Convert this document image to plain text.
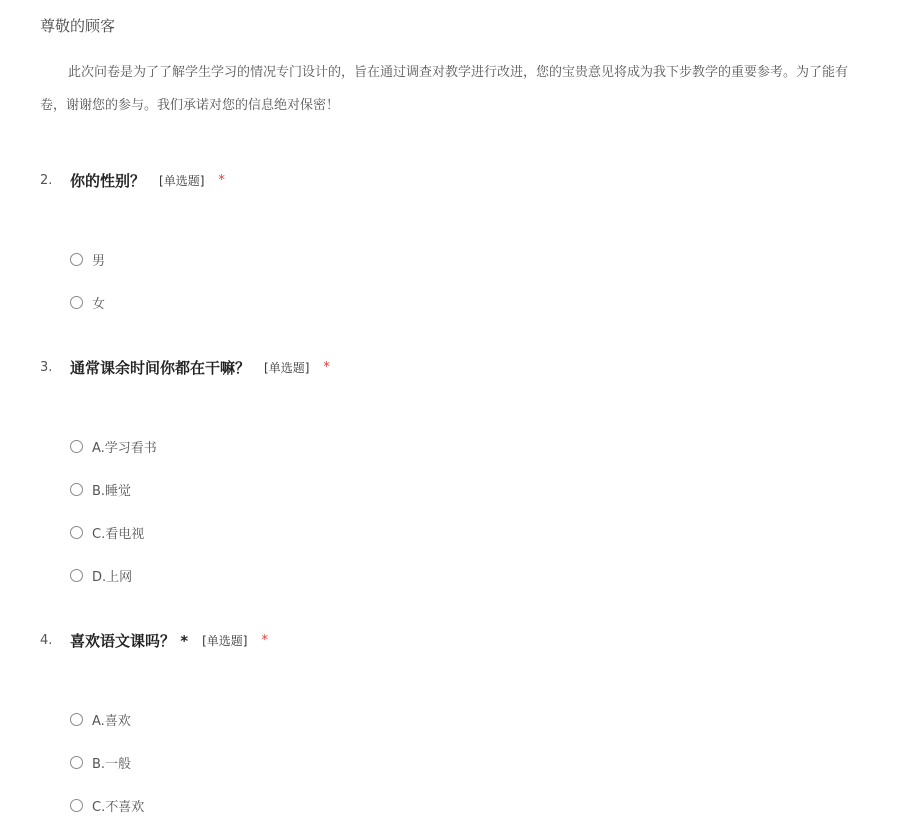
尊敬的顾客
此次问卷是为了了解学生学习的情况专门设计的，旨在通过调查对教学进行改进，您的宝贵意见将成为我下步教学的重要参考。为了能有
卷，谢谢您的参与。我们承诺对您的信息绝对保密！
2.	你的性别？ [单选题] *
男
女
3.	通常课余时间你都在干嘛？ [单选题] *
A.学习看书
B.睡觉
C.看电视
D.上网
4.	喜欢语文课吗？ * [单选题] *
A.喜欢
B.一般
C.不喜欢
